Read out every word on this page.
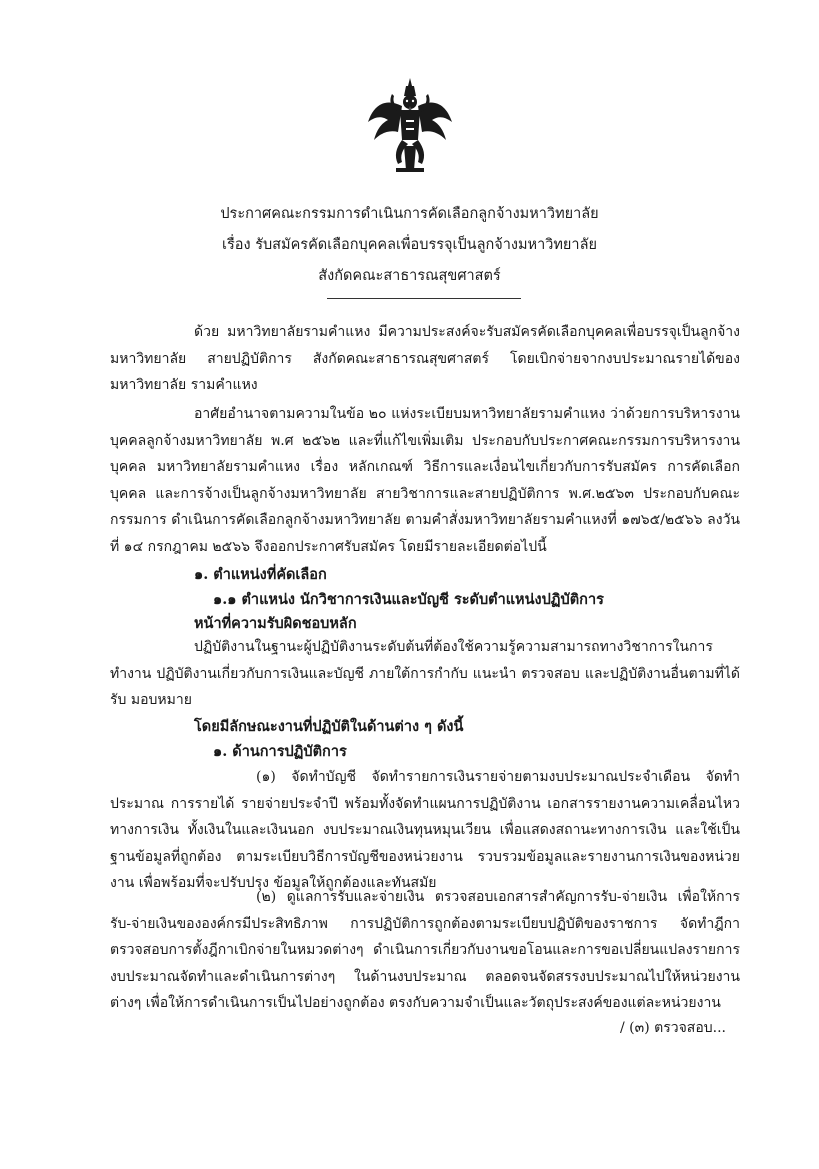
ประกาศคณะกรรมการดำเนินการคัดเลือกลูกจ้างมหาวิทยาลัย
เรื่อง รับสมัครคัดเลือกบุคคลเพื่อบรรจุเป็นลูกจ้างมหาวิทยาลัย
สังกัดคณะสาธารณสุขศาสตร์

ด้วย มหาวิทยาลัยรามคำแหง มีความประสงค์จะรับสมัครคัดเลือกบุคคลเพื่อบรรจุเป็นลูกจ้าง มหาวิทยาลัย สายปฏิบัติการ สังกัดคณะสาธารณสุขศาสตร์ โดยเบิกจ่ายจากงบประมาณรายได้ของมหาวิทยาลัย รามคำแหง

อาศัยอำนาจตามความในข้อ ๒๐ แห่งระเบียบมหาวิทยาลัยรามคำแหง ว่าด้วยการบริหารงาน บุคคลลูกจ้างมหาวิทยาลัย พ.ศ ๒๕๖๒ และที่แก้ไขเพิ่มเติม ประกอบกับประกาศคณะกรรมการบริหารงานบุคคล มหาวิทยาลัยรามคำแหง เรื่อง หลักเกณฑ์ วิธีการและเงื่อนไขเกี่ยวกับการรับสมัคร การคัดเลือกบุคคล และการจ้างเป็นลูกจ้างมหาวิทยาลัย สายวิชาการและสายปฏิบัติการ พ.ศ.๒๕๖๓ ประกอบกับคณะกรรมการ ดำเนินการคัดเลือกลูกจ้างมหาวิทยาลัย ตามคำสั่งมหาวิทยาลัยรามคำแหงที่ ๑๗๖๕/๒๕๖๖ ลงวันที่ ๑๔ กรกฎาคม ๒๕๖๖ จึงออกประกาศรับสมัคร โดยมีรายละเอียดต่อไปนี้

๑. ตำแหน่งที่คัดเลือก

๑.๑ ตำแหน่ง นักวิชาการเงินและบัญชี ระดับตำแหน่งปฏิบัติการ

หน้าที่ความรับผิดชอบหลัก

ปฏิบัติงานในฐานะผู้ปฏิบัติงานระดับต้นที่ต้องใช้ความรู้ความสามารถทางวิชาการในการทำงาน ปฏิบัติงานเกี่ยวกับการเงินและบัญชี ภายใต้การกำกับ แนะนำ ตรวจสอบ และปฏิบัติงานอื่นตามที่ได้รับ มอบหมาย

โดยมีลักษณะงานที่ปฏิบัติในด้านต่าง ๆ ดังนี้

๑. ด้านการปฏิบัติการ

(๑) จัดทำบัญชี จัดทำรายการเงินรายจ่ายตามงบประมาณประจำเดือน จัดทำประมาณ การรายได้ รายจ่ายประจำปี พร้อมทั้งจัดทำแผนการปฏิบัติงาน เอกสารรายงานความเคลื่อนไหวทางการเงิน ทั้งเงินในและเงินนอก งบประมาณเงินทุนหมุนเวียน เพื่อแสดงสถานะทางการเงิน และใช้เป็นฐานข้อมูลที่ถูกต้อง ตามระเบียบวิธีการบัญชีของหน่วยงาน รวบรวมข้อมูลและรายงานการเงินของหน่วยงาน เพื่อพร้อมที่จะปรับปรุง ข้อมูลให้ถูกต้องและทันสมัย

(๒) ดูแลการรับและจ่ายเงิน ตรวจสอบเอกสารสำคัญการรับ-จ่ายเงิน เพื่อให้การ รับ-จ่ายเงินขององค์กรมีประสิทธิภาพ การปฏิบัติการถูกต้องตามระเบียบปฏิบัติของราชการ จัดทำฎีกา ตรวจสอบการตั้งฎีกาเบิกจ่ายในหมวดต่างๆ ดำเนินการเกี่ยวกับงานขอโอนและการขอเปลี่ยนแปลงรายการ งบประมาณจัดทำและดำเนินการต่างๆ ในด้านงบประมาณ ตลอดจนจัดสรรงบประมาณไปให้หน่วยงานต่างๆ เพื่อให้การดำเนินการเป็นไปอย่างถูกต้อง ตรงกับความจำเป็นและวัตถุประสงค์ของแต่ละหน่วยงาน

/ (๓) ตรวจสอบ...
